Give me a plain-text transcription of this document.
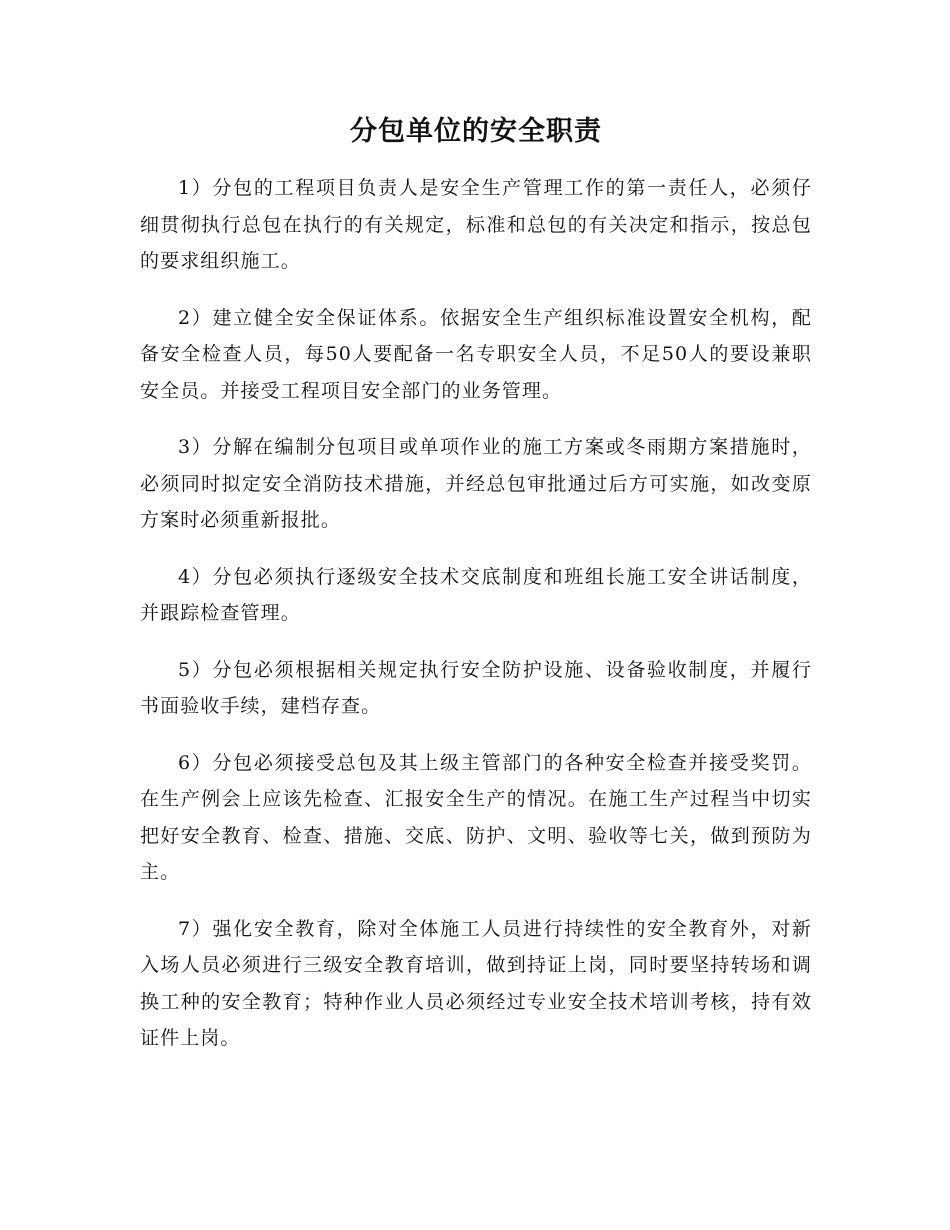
分包单位的安全职责

1）分包的工程项目负责人是安全生产管理工作的第一责任人，必须仔细贯彻执行总包在执行的有关规定，标准和总包的有关决定和指示，按总包的要求组织施工。

2）建立健全安全保证体系。依据安全生产组织标准设置安全机构，配备安全检查人员，每50人要配备一名专职安全人员，不足50人的要设兼职安全员。并接受工程项目安全部门的业务管理。

3）分解在编制分包项目或单项作业的施工方案或冬雨期方案措施时，必须同时拟定安全消防技术措施，并经总包审批通过后方可实施，如改变原方案时必须重新报批。

4）分包必须执行逐级安全技术交底制度和班组长施工安全讲话制度，并跟踪检查管理。

5）分包必须根据相关规定执行安全防护设施、设备验收制度，并履行书面验收手续，建档存查。

6）分包必须接受总包及其上级主管部门的各种安全检查并接受奖罚。在生产例会上应该先检查、汇报安全生产的情况。在施工生产过程当中切实把好安全教育、检查、措施、交底、防护、文明、验收等七关，做到预防为主。

7）强化安全教育，除对全体施工人员进行持续性的安全教育外，对新入场人员必须进行三级安全教育培训，做到持证上岗，同时要坚持转场和调换工种的安全教育；特种作业人员必须经过专业安全技术培训考核，持有效证件上岗。
